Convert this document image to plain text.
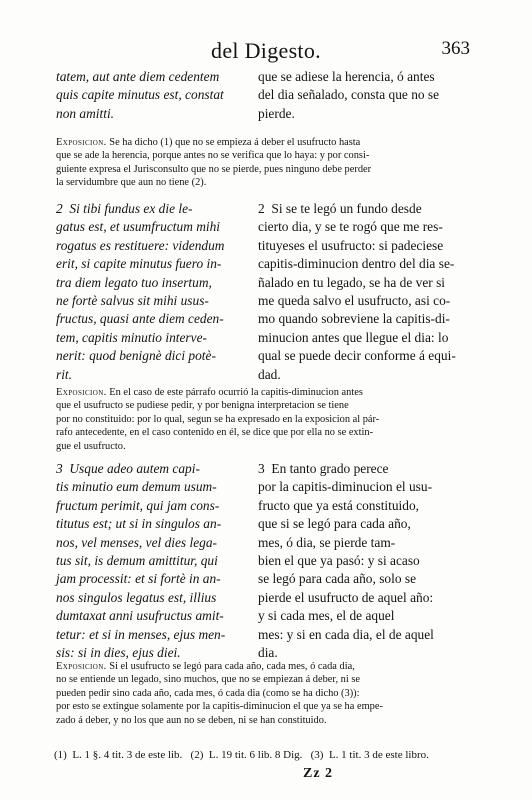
del Digesto.	363
tatem, aut ante diem cedentem
quis capite minutus est, constat
non amitti.
que se adiese la herencia, ó antes
del dia señalado, consta que no se
pierde.
Exposicion. Se ha dicho (1) que no se empieza á deber el usufructo hasta
que se ade la herencia, porque antes no se verifica que lo haya: y por consi-
guiente expresa el Jurisconsulto que no se pierde, pues ninguno debe perder
la servidumbre que aun no tiene (2).
2  Si tibi fundus ex die le-
gatus est, et usumfructum mihi
rogatus es restituere: videndum
erit, si capite minutus fuero in-
tra diem legato tuo insertum,
ne fortè salvus sit mihi usus-
fructus, quasi ante diem ceden-
tem, capitis minutio interve-
nerit: quod benignè dici potè-
rit.
2  Si se te legó un fundo desde
cierto dia, y se te rogó que me res-
tituyeses el usufructo: si padeciese
capitis-diminucion dentro del dia se-
ñalado en tu legado, se ha de ver si
me queda salvo el usufructo, asi co-
mo quando sobreviene la capitis-di-
minucion antes que llegue el dia: lo
qual se puede decir conforme á equi-
dad.
Exposicion. En el caso de este párrafo ocurrió la capitis-diminucion antes
que el usufructo se pudiese pedir, y por benigna interpretacion se tiene
por no constituido: por lo qual, segun se ha expresado en la exposicion al pár-
rafo antecedente, en el caso contenido en él, se dice que por ella no se extin-
gue el usufructo.
3  Usque adeo autem capi-
tis minutio eum demum usum-
fructum perimit, qui jam cons-
titutus est; ut si in singulos an-
nos, vel menses, vel dies lega-
tus sit, is demum amittitur, qui
jam processit: et si fortè in an-
nos singulos legatus est, illius
dumtaxat anni usufructus amit-
tetur: et si in menses, ejus men-
sis: si in dies, ejus diei.
3  En tanto grado perece
por la capitis-diminucion el usu-
fructo que ya está constituido,
que si se legó para cada año,
mes, ó dia, se pierde tam-
bien el que ya pasó: y si acaso
se legó para cada año, solo se
pierde el usufructo de aquel año:
y si cada mes, el de aquel
mes: y si en cada dia, el de aquel
dia.
Exposicion. Si el usufructo se legó para cada año, cada mes, ó cada dia,
no se entiende un legado, sino muchos, que no se empiezan á deber, ni se
pueden pedir sino cada año, cada mes, ó cada dia (como se ha dicho (3)):
por esto se extingue solamente por la capitis-diminucion el que ya se ha empe-
zado á deber, y no los que aun no se deben, ni se han constituido.
(1)  L. 1 §. 4 tit. 3 de este lib.   (2)  L. 19 tit. 6 lib. 8 Dig.   (3)  L. 1 tit. 3 de este libro.
Zz 2
